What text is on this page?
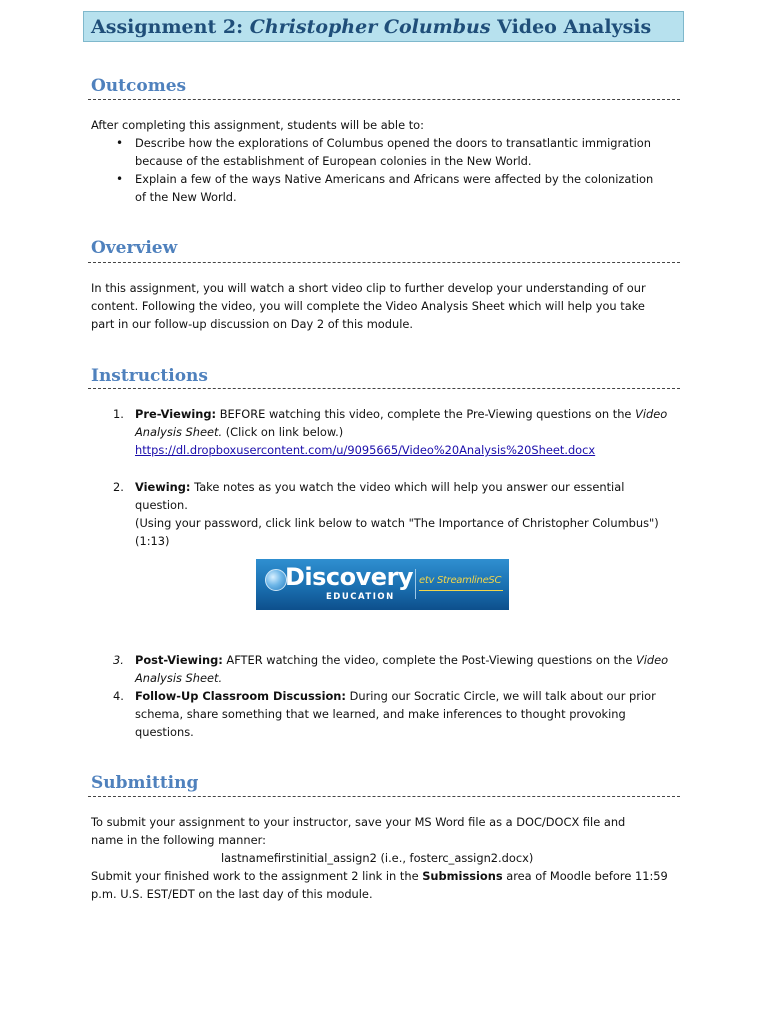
Assignment 2: Christopher Columbus Video Analysis
Outcomes
After completing this assignment, students will be able to:
• Describe how the explorations of Columbus opened the doors to transatlantic immigration
because of the establishment of European colonies in the New World.
• Explain a few of the ways Native Americans and Africans were affected by the colonization
of the New World.
Overview
In this assignment, you will watch a short video clip to further develop your understanding of our
content. Following the video, you will complete the Video Analysis Sheet which will help you take
part in our follow-up discussion on Day 2 of this module.
Instructions
1. Pre-Viewing: BEFORE watching this video, complete the Pre-Viewing questions on the Video
Analysis Sheet. (Click on link below.)
https://dl.dropboxusercontent.com/u/9095665/Video%20Analysis%20Sheet.docx
2. Viewing: Take notes as you watch the video which will help you answer our essential
question.
(Using your password, click link below to watch "The Importance of Christopher Columbus")
(1:13)
Discovery
EDUCATION
etv StreamlineSC
3. Post-Viewing: AFTER watching the video, complete the Post-Viewing questions on the Video
Analysis Sheet.
4. Follow-Up Classroom Discussion: During our Socratic Circle, we will talk about our prior
schema, share something that we learned, and make inferences to thought provoking
questions.
Submitting
To submit your assignment to your instructor, save your MS Word file as a DOC/DOCX file and
name in the following manner:
lastnamefirstinitial_assign2 (i.e., fosterc_assign2.docx)
Submit your finished work to the assignment 2 link in the Submissions area of Moodle before 11:59
p.m. U.S. EST/EDT on the last day of this module.
